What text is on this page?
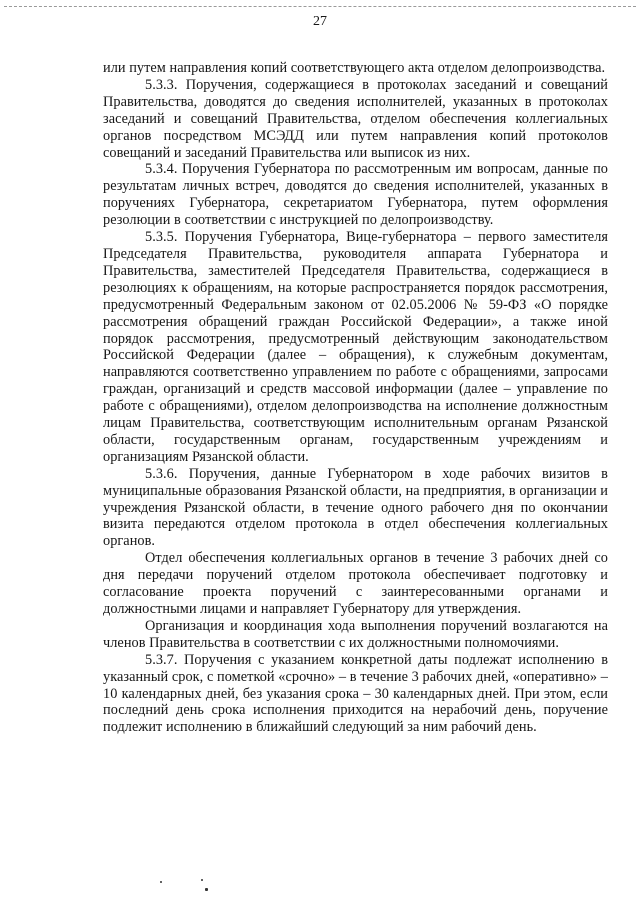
27

или путем направления копий соответствующего акта отделом делопроизводства.

5.3.3. Поручения, содержащиеся в протоколах заседаний и совещаний Правительства, доводятся до сведения исполнителей, указанных в протоколах заседаний и совещаний Правительства, отделом обеспечения коллегиальных органов посредством МСЭДД или путем направления копий протоколов совещаний и заседаний Правительства или выписок из них.

5.3.4. Поручения Губернатора по рассмотренным им вопросам, данные по результатам личных встреч, доводятся до сведения исполнителей, указанных в поручениях Губернатора, секретариатом Губернатора, путем оформления резолюции в соответствии с инструкцией по делопроизводству.

5.3.5. Поручения Губернатора, Вице-губернатора – первого заместителя Председателя Правительства, руководителя аппарата Губернатора и Правительства, заместителей Председателя Правительства, содержащиеся в резолюциях к обращениям, на которые распространяется порядок рассмотрения, предусмотренный Федеральным законом от 02.05.2006 № 59-ФЗ «О порядке рассмотрения обращений граждан Российской Федерации», а также иной порядок рассмотрения, предусмотренный действующим законодательством Российской Федерации (далее – обращения), к служебным документам, направляются соответственно управлением по работе с обращениями, запросами граждан, организаций и средств массовой информации (далее – управление по работе с обращениями), отделом делопроизводства на исполнение должностным лицам Правительства, соответствующим исполнительным органам Рязанской области, государственным органам, государственным учреждениям и организациям Рязанской области.

5.3.6. Поручения, данные Губернатором в ходе рабочих визитов в муниципальные образования Рязанской области, на предприятия, в организации и учреждения Рязанской области, в течение одного рабочего дня по окончании визита передаются отделом протокола в отдел обеспечения коллегиальных органов.

Отдел обеспечения коллегиальных органов в течение 3 рабочих дней со дня передачи поручений отделом протокола обеспечивает подготовку и согласование проекта поручений с заинтересованными органами и должностными лицами и направляет Губернатору для утверждения.

Организация и координация хода выполнения поручений возлагаются на членов Правительства в соответствии с их должностными полномочиями.

5.3.7. Поручения с указанием конкретной даты подлежат исполнению в указанный срок, с пометкой «срочно» – в течение 3 рабочих дней, «оперативно» – 10 календарных дней, без указания срока – 30 календарных дней. При этом, если последний день срока исполнения приходится на нерабочий день, поручение подлежит исполнению в ближайший следующий за ним рабочий день.
